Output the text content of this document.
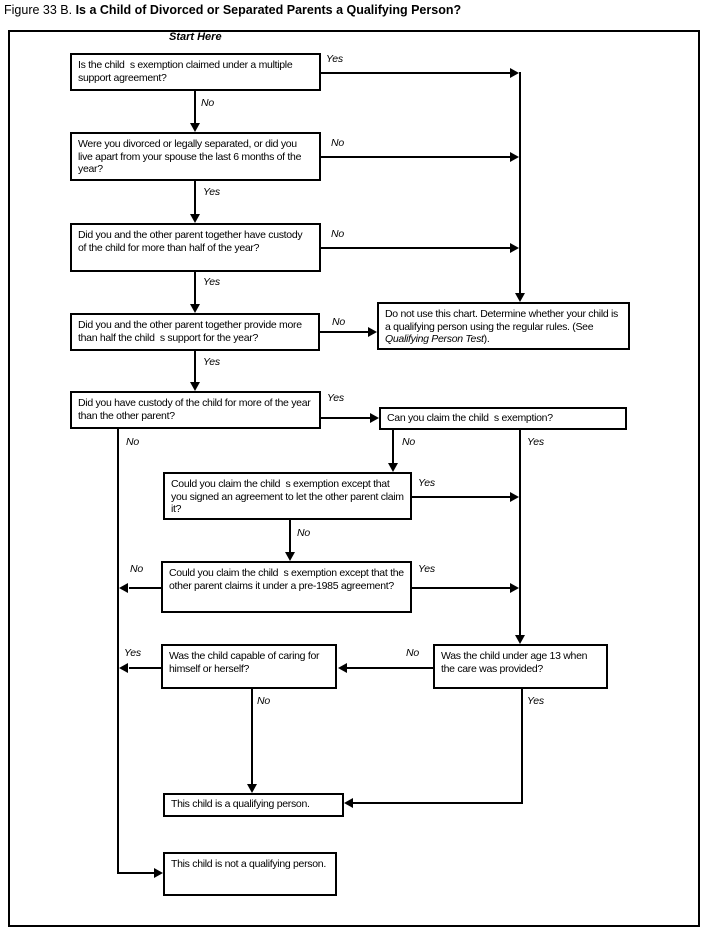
Figure 33 B. Is a Child of Divorced or Separated Parents a Qualifying Person?
Start Here
Is the child  s exemption claimed under a multiple support agreement?
Were you divorced or legally separated, or did you live apart from your spouse the last 6 months of the year?
Did you and the other parent together have custody of the child for more than half of the year?
Did you and the other parent together provide more than half the child  s support for the year?
Do not use this chart. Determine whether your child is a qualifying person using the regular rules. (See Qualifying Person Test).
Did you have custody of the child for more of the year than the other parent?	Can you claim the child  s exemption?
Could you claim the child  s exemption except that you signed an agreement to let the other parent claim it?
Could you claim the child  s exemption except that the other parent claims it under a pre-1985 agreement?
Was the child capable of caring for himself or herself?
Was the child under age 13 when the care was provided?
This child is a qualifying person.
This child is not a qualifying person.
Yes
No
No
Yes
No
Yes
No
Yes
Yes
No	No	Yes
Yes
No
No	Yes
Yes	No
No	Yes
